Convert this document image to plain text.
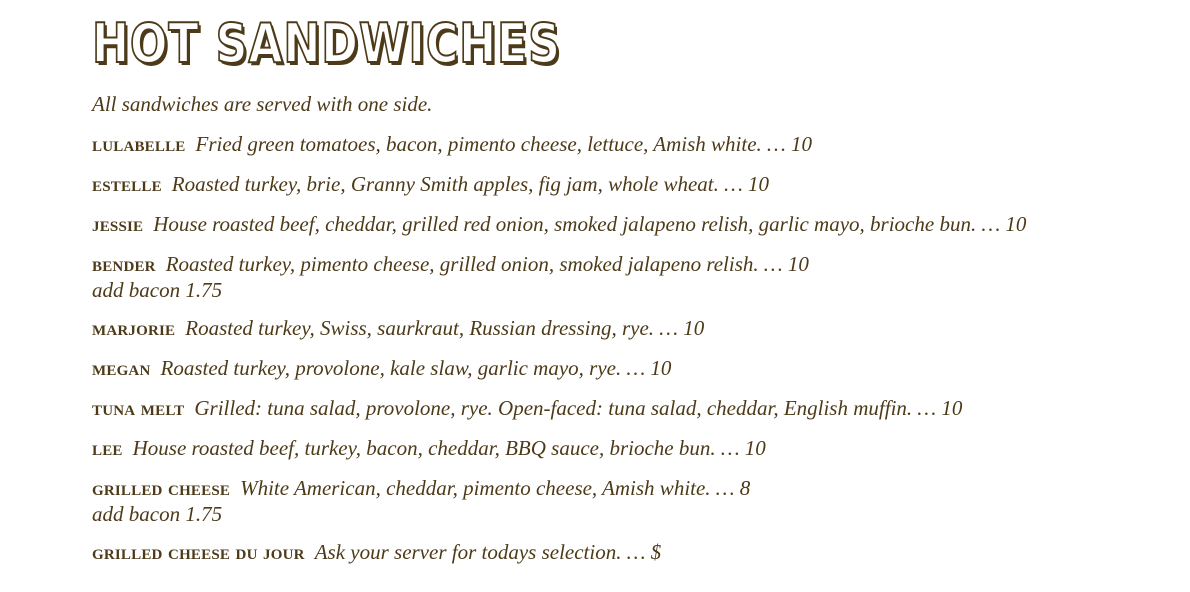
HOT SANDWICHES
All sandwiches are served with one side.
lulabelle Fried green tomatoes, bacon, pimento cheese, lettuce, Amish white. … 10
estelle Roasted turkey, brie, Granny Smith apples, fig jam, whole wheat. … 10
jessie House roasted beef, cheddar, grilled red onion, smoked jalapeno relish, garlic mayo, brioche bun. … 10
bender Roasted turkey, pimento cheese, grilled onion, smoked jalapeno relish. … 10
add bacon 1.75
marjorie Roasted turkey, Swiss, saurkraut, Russian dressing, rye. … 10
megan Roasted turkey, provolone, kale slaw, garlic mayo, rye. … 10
tuna melt Grilled: tuna salad, provolone, rye. Open-faced: tuna salad, cheddar, English muffin. … 10
lee House roasted beef, turkey, bacon, cheddar, BBQ sauce, brioche bun. … 10
grilled cheese White American, cheddar, pimento cheese, Amish white. … 8
add bacon 1.75
grilled cheese du jour Ask your server for todays selection. … $
